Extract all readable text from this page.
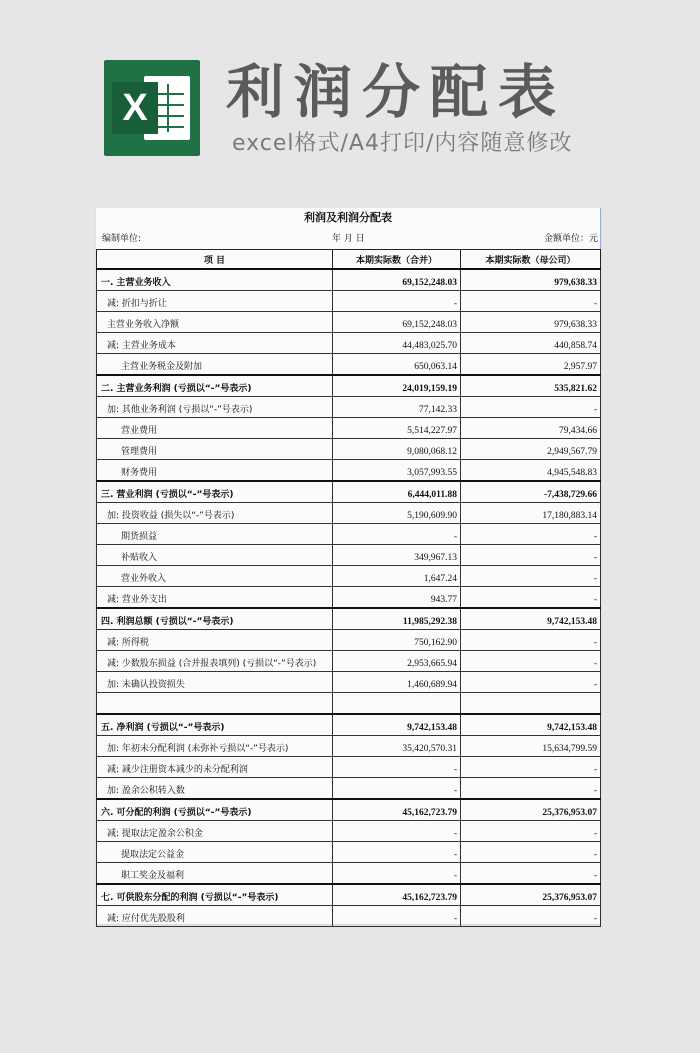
X 利润分配表
excel格式/A4打印/内容随意修改
利润及利润分配表
编制单位:	年 月 日	金额单位：元
项 目	本期实际数（合并）	本期实际数（母公司）
一. 主营业务收入	69,152,248.03	979,638.33
减: 折扣与折让	-	-
主营业务收入净额	69,152,248.03	979,638.33
减: 主营业务成本	44,483,025.70	440,858.74
主营业务税金及附加	650,063.14	2,957.97
二. 主营业务利润 (亏损以“-”号表示)	24,019,159.19	535,821.62
加: 其他业务利润 (亏损以“-”号表示)	77,142.33	-
营业费用	5,514,227.97	79,434.66
管理费用	9,080,068.12	2,949,567.79
财务费用	3,057,993.55	4,945,548.83
三. 营业利润 (亏损以“-”号表示)	6,444,011.88	-7,438,729.66
加: 投资收益 (损失以“-”号表示)	5,190,609.90	17,180,883.14
期货损益	-	-
补贴收入	349,967.13	-
营业外收入	1,647.24	-
减: 营业外支出	943.77	-
四. 利润总额 (亏损以“-”号表示)	11,985,292.38	9,742,153.48
减: 所得税	750,162.90	-
减: 少数股东损益 (合并报表填列) (亏损以“-”号表示)	2,953,665.94	-
加: 未确认投资损失	1,460,689.94	-

五. 净利润 (亏损以“-”号表示)	9,742,153.48	9,742,153.48
加: 年初未分配利润 (未弥补亏损以“-”号表示)	35,420,570.31	15,634,799.59
减: 减少注册资本减少的未分配利润	-	-
加: 盈余公积转入数	-	-
六. 可分配的利润 (亏损以“-”号表示)	45,162,723.79	25,376,953.07
减: 提取法定盈余公积金	-	-
提取法定公益金	-	-
职工奖金及福利	-	-
七. 可供股东分配的利润 (亏损以“-”号表示)	45,162,723.79	25,376,953.07
减: 应付优先股股利	-	-
